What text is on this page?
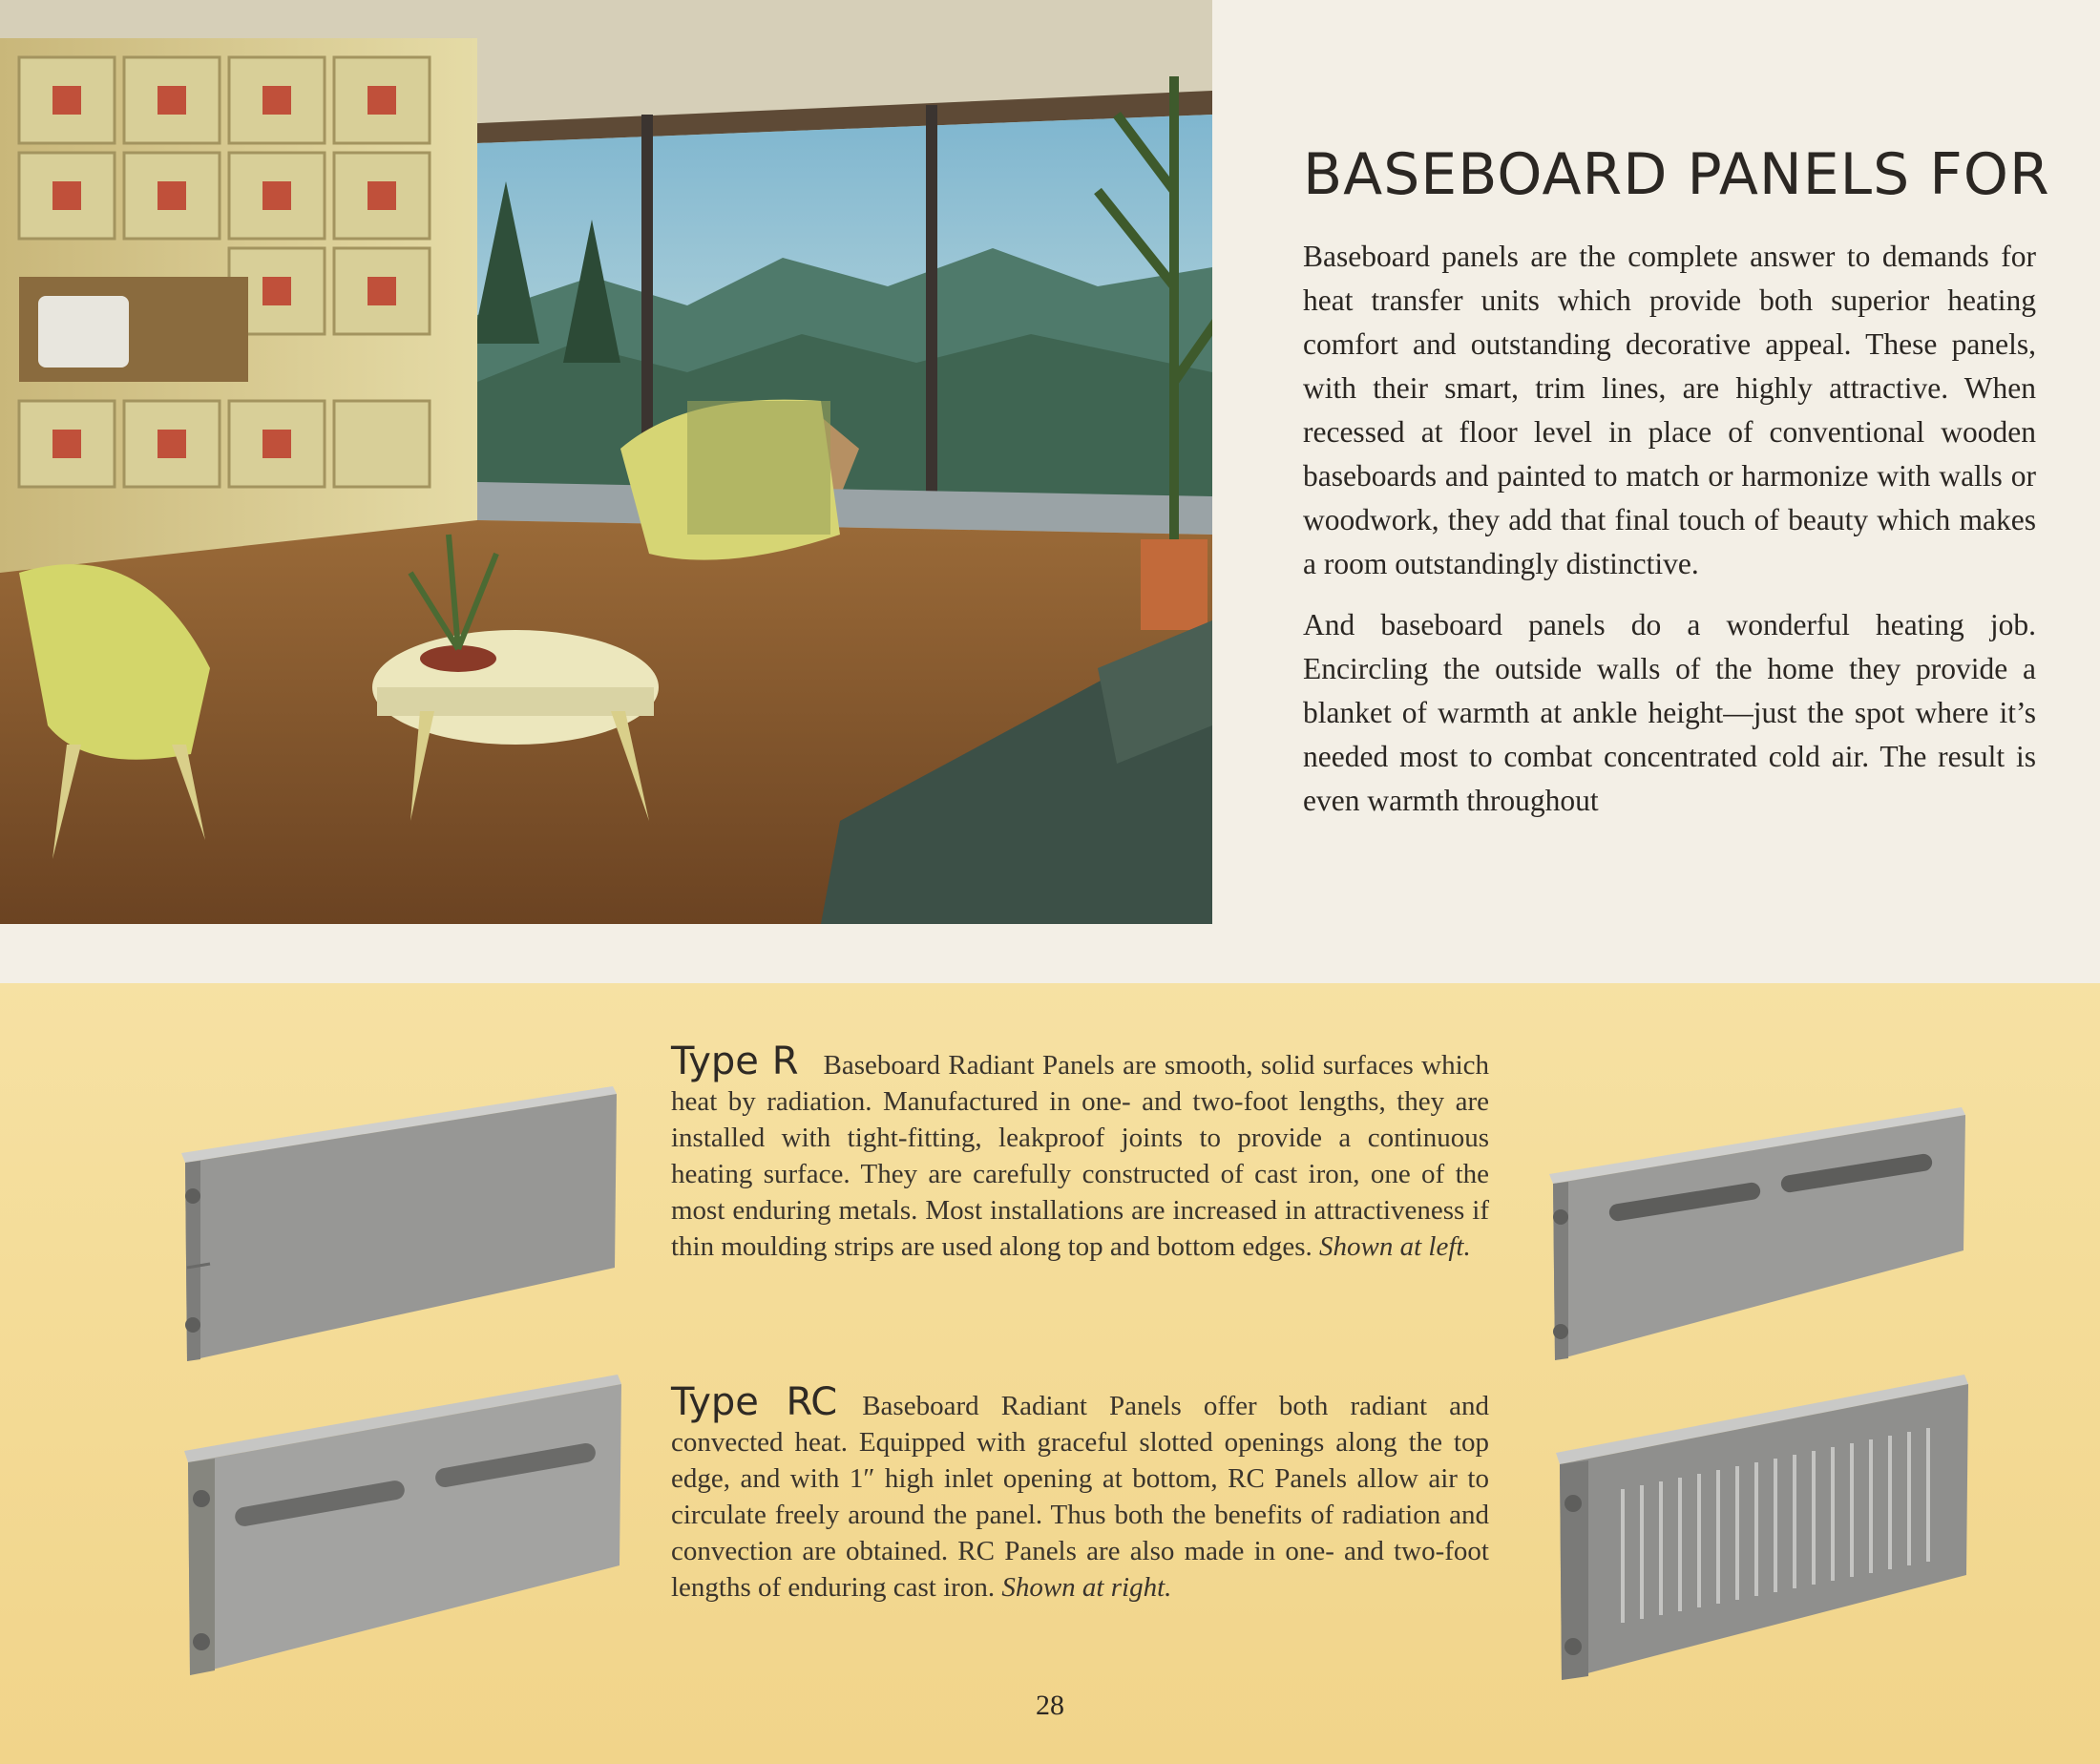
BASEBOARD PANELS FOR

Baseboard panels are the complete answer to demands for heat transfer units which provide both superior heating comfort and outstanding decorative appeal. These panels, with their smart, trim lines, are highly attractive. When recessed at floor level in place of conventional wooden baseboards and painted to match or harmonize with walls or woodwork, they add that final touch of beauty which makes a room outstandingly distinctive.

And baseboard panels do a wonderful heating job. Encircling the outside walls of the home they provide a blanket of warmth at ankle height—just the spot where it’s needed most to combat concentrated cold air. The result is even warmth throughout

Type R Baseboard Radiant Panels are smooth, solid surfaces which heat by radiation. Manufactured in one- and two-foot lengths, they are installed with tight-fitting, leakproof joints to provide a continuous heating surface. They are carefully constructed of cast iron, one of the most enduring metals. Most installations are increased in attractiveness if thin moulding strips are used along top and bottom edges. Shown at left.

Type RC Baseboard Radiant Panels offer both radiant and convected heat. Equipped with graceful slotted openings along the top edge, and with 1″ high inlet opening at bottom, RC Panels allow air to circulate freely around the panel. Thus both the benefits of radiation and convection are obtained. RC Panels are also made in one- and two-foot lengths of enduring cast iron. Shown at right.

28
